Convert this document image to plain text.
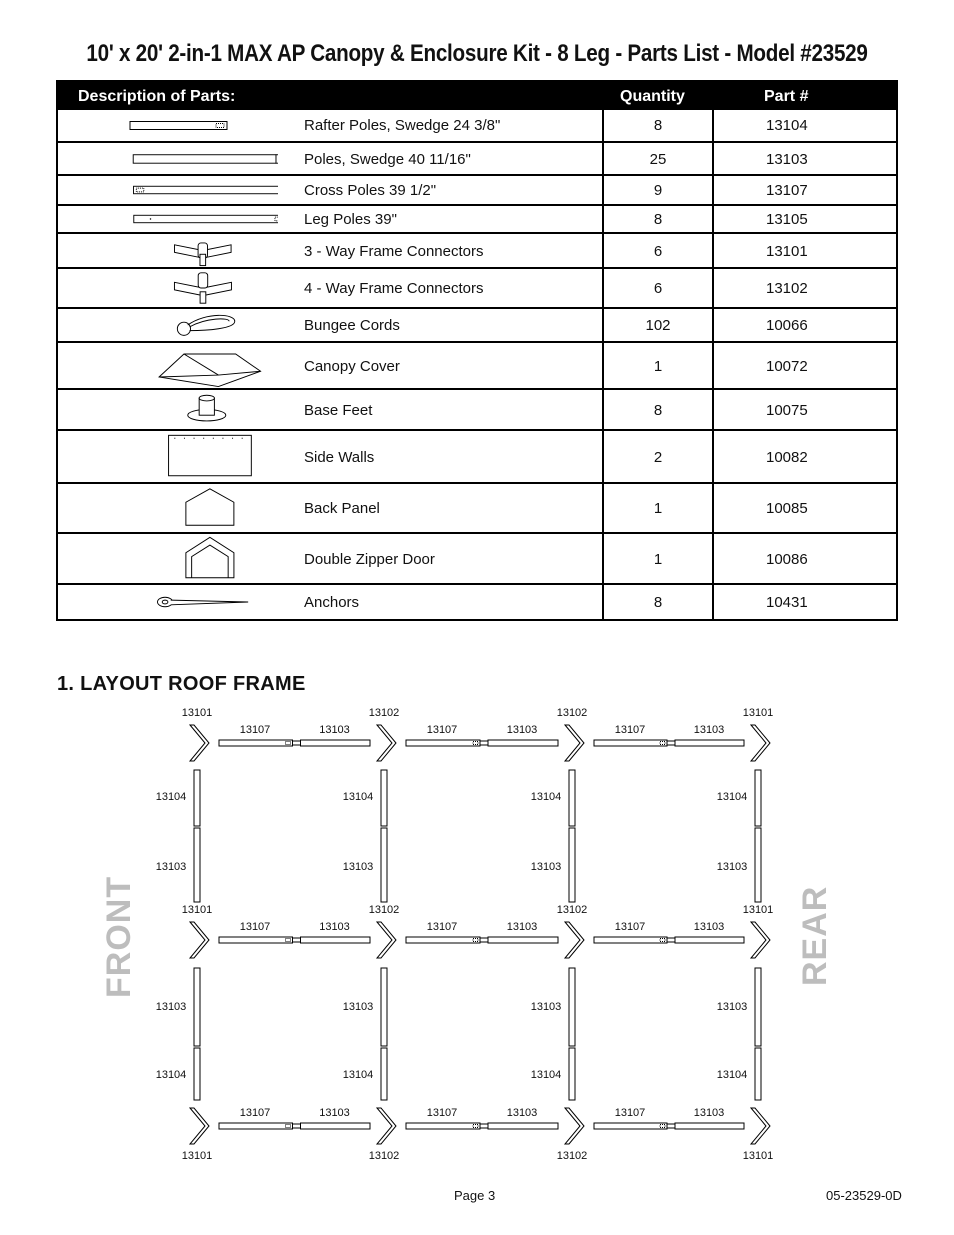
10' x 20' 2-in-1 MAX AP Canopy & Enclosure Kit - 8 Leg - Parts List - Model #23529
Description of Parts:	Quantity	Part #
Rafter Poles, Swedge 24 3/8"	8	13104
Poles, Swedge 40 11/16"	25	13103
Cross Poles 39 1/2"	9	13107
Leg Poles 39"	8	13105
3 - Way Frame Connectors	6	13101
4 - Way Frame Connectors	6	13102
Bungee Cords	102	10066
Canopy Cover	1	10072
Base Feet	8	10075
Side Walls	2	10082
Back Panel	1	10085
Double Zipper Door	1	10086
Anchors	8	10431
1. LAYOUT ROOF FRAME
FRONT	REAR
13101	13102	13102	13101
13107	13103	13107	13103	13107	13103
13101	13102	13102	13101
13107	13103	13107	13103	13107	13103
13101	13102	13102	13101
13107	13103	13107	13103	13107	13103
13104
13103
13103
13104
13104
13103
13103
13104
13104
13103
13103
13104
13104
13103
13103
13104
Page 3	05-23529-0D
